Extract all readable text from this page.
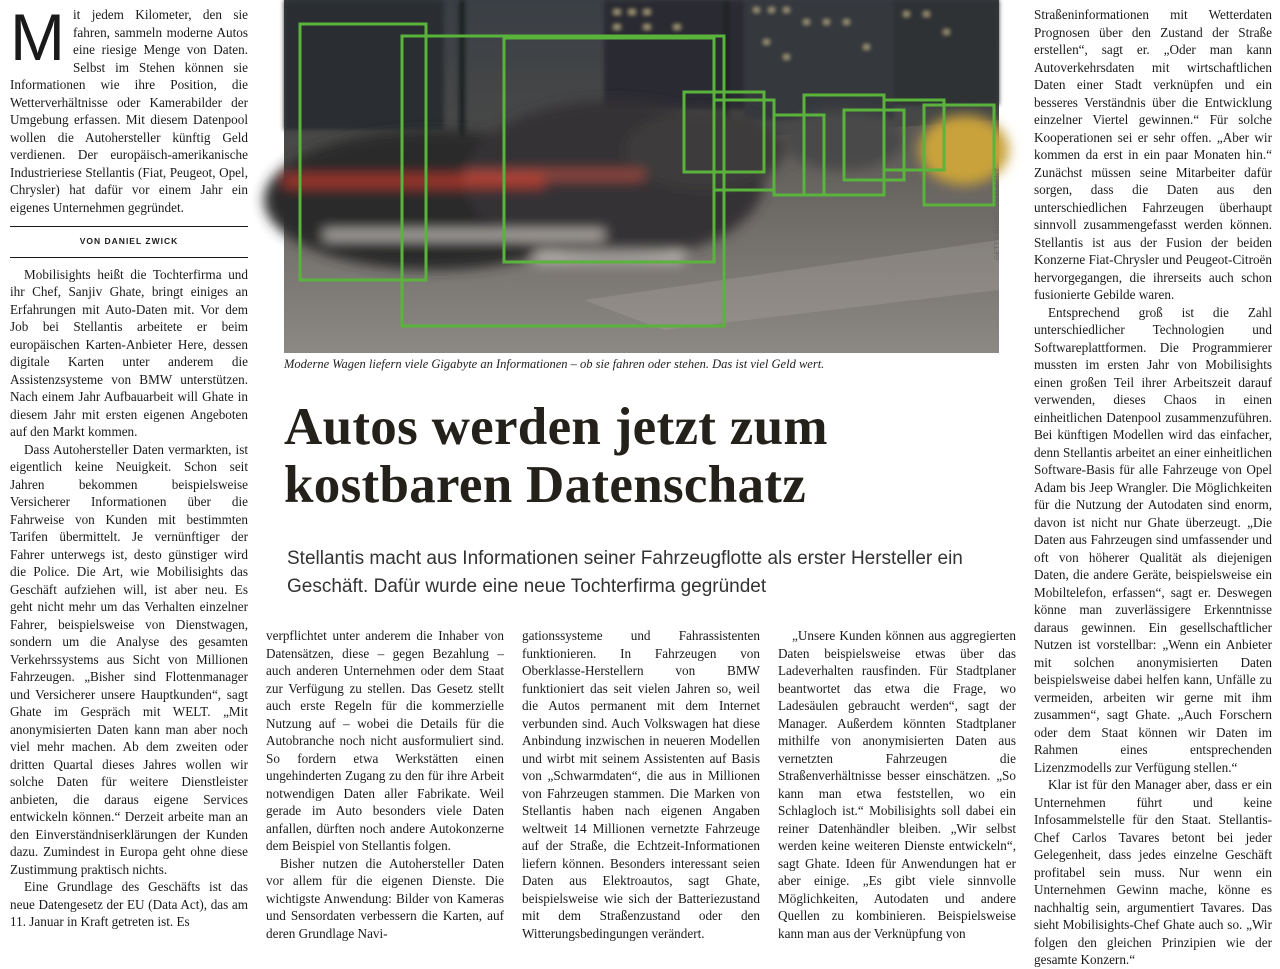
M it jedem Kilometer, den sie fahren, sammeln moderne Autos eine riesige Menge von Daten. Selbst im Stehen können sie Informationen wie ihre Position, die Wetterverhältnisse oder Kamerabilder der Umgebung erfassen. Mit diesem Datenpool wollen die Autohersteller künftig Geld verdienen. Der europäisch-amerikanische Industrieriese Stellantis (Fiat, Peugeot, Opel, Chrysler) hat dafür vor einem Jahr ein eigenes Unternehmen gegründet.

VON DANIEL ZWICK

Mobilisights heißt die Tochterfirma und ihr Chef, Sanjiv Ghate, bringt einiges an Erfahrungen mit Auto-Daten mit. Vor dem Job bei Stellantis arbeitete er beim europäischen Karten-Anbieter Here, dessen digitale Karten unter anderem die Assistenzsysteme von BMW unterstützen. Nach einem Jahr Aufbauarbeit will Ghate in diesem Jahr mit ersten eigenen Angeboten auf den Markt kommen.

Dass Autohersteller Daten vermarkten, ist eigentlich keine Neuigkeit. Schon seit Jahren bekommen beispielsweise Versicherer Informationen über die Fahrweise von Kunden mit bestimmten Tarifen übermittelt. Je vernünftiger der Fahrer unterwegs ist, desto günstiger wird die Police. Die Art, wie Mobilisights das Geschäft aufziehen will, ist aber neu. Es geht nicht mehr um das Verhalten einzelner Fahrer, beispielsweise von Dienstwagen, sondern um die Analyse des gesamten Verkehrssystems aus Sicht von Millionen Fahrzeugen. „Bisher sind Flottenmanager und Versicherer unsere Hauptkunden“, sagt Ghate im Gespräch mit WELT. „Mit anonymisierten Daten kann man aber noch viel mehr machen. Ab dem zweiten oder dritten Quartal dieses Jahres wollen wir solche Daten für weitere Dienstleister anbieten, die daraus eigene Services entwickeln können.“ Derzeit arbeite man an den Einverständniserklärungen der Kunden dazu. Zumindest in Europa geht ohne diese Zustimmung praktisch nichts.

Eine Grundlage des Geschäfts ist das neue Datengesetz der EU (Data Act), das am 11. Januar in Kraft getreten ist. Es

GETTY IMAGES/MALORNY
Moderne Wagen liefern viele Gigabyte an Informationen – ob sie fahren oder stehen. Das ist viel Geld wert.
Autos werden jetzt zum kostbaren Datenschatz
Stellantis macht aus Informationen seiner Fahrzeugflotte als erster Hersteller ein Geschäft. Dafür wurde eine neue Tochterfirma gegründet

verpflichtet unter anderem die Inhaber von Datensätzen, diese – gegen Bezahlung – auch anderen Unternehmen oder dem Staat zur Verfügung zu stellen. Das Gesetz stellt auch erste Regeln für die kommerzielle Nutzung auf – wobei die Details für die Autobranche noch nicht ausformuliert sind. So fordern etwa Werkstätten einen ungehinderten Zugang zu den für ihre Arbeit notwendigen Daten aller Fabrikate. Weil gerade im Auto besonders viele Daten anfallen, dürften noch andere Autokonzerne dem Beispiel von Stellantis folgen.

Bisher nutzen die Autohersteller Daten vor allem für die eigenen Dienste. Die wichtigste Anwendung: Bilder von Kameras und Sensordaten verbessern die Karten, auf deren Grundlage Navi-

gationssysteme und Fahrassistenten funktionieren. In Fahrzeugen von Oberklasse-Herstellern von BMW funktioniert das seit vielen Jahren so, weil die Autos permanent mit dem Internet verbunden sind. Auch Volkswagen hat diese Anbindung inzwischen in neueren Modellen und wirbt mit seinem Assistenten auf Basis von „Schwarmdaten“, die aus in Millionen von Fahrzeugen stammen. Die Marken von Stellantis haben nach eigenen Angaben weltweit 14 Millionen vernetzte Fahrzeuge auf der Straße, die Echtzeit-Informationen liefern können. Besonders interessant seien Daten aus Elektroautos, sagt Ghate, beispielsweise wie sich der Batteriezustand mit dem Straßenzustand oder den Witterungsbedingungen verändert.

„Unsere Kunden können aus aggregierten Daten beispielsweise etwas über das Ladeverhalten rausfinden. Für Stadtplaner beantwortet das etwa die Frage, wo Ladesäulen gebraucht werden“, sagt der Manager. Außerdem könnten Stadtplaner mithilfe von anonymisierten Daten aus vernetzten Fahrzeugen die Straßenverhältnisse besser einschätzen. „So kann man etwa feststellen, wo ein Schlagloch ist.“ Mobilisights soll dabei ein reiner Datenhändler bleiben. „Wir selbst werden keine weiteren Dienste entwickeln“, sagt Ghate. Ideen für Anwendungen hat er aber einige. „Es gibt viele sinnvolle Möglichkeiten, Autodaten und andere Quellen zu kombinieren. Beispielsweise kann man aus der Verknüpfung von

Straßeninformationen mit Wetterdaten Prognosen über den Zustand der Straße erstellen“, sagt er. „Oder man kann Autoverkehrsdaten mit wirtschaftlichen Daten einer Stadt verknüpfen und ein besseres Verständnis über die Entwicklung einzelner Viertel gewinnen.“ Für solche Kooperationen sei er sehr offen. „Aber wir kommen da erst in ein paar Monaten hin.“ Zunächst müssen seine Mitarbeiter dafür sorgen, dass die Daten aus den unterschiedlichen Fahrzeugen überhaupt sinnvoll zusammengefasst werden können. Stellantis ist aus der Fusion der beiden Konzerne Fiat-Chrysler und Peugeot-Citroën hervorgegangen, die ihrerseits auch schon fusionierte Gebilde waren.

Entsprechend groß ist die Zahl unterschiedlicher Technologien und Softwareplattformen. Die Programmierer mussten im ersten Jahr von Mobilisights einen großen Teil ihrer Arbeitszeit darauf verwenden, dieses Chaos in einen einheitlichen Datenpool zusammenzuführen. Bei künftigen Modellen wird das einfacher, denn Stellantis arbeitet an einer einheitlichen Software-Basis für alle Fahrzeuge von Opel Adam bis Jeep Wrangler. Die Möglichkeiten für die Nutzung der Autodaten sind enorm, davon ist nicht nur Ghate überzeugt. „Die Daten aus Fahrzeugen sind umfassender und oft von höherer Qualität als diejenigen Daten, die andere Geräte, beispielsweise ein Mobiltelefon, erfassen“, sagt er. Deswegen könne man zuverlässigere Erkenntnisse daraus gewinnen. Ein gesellschaftlicher Nutzen ist vorstellbar: „Wenn ein Anbieter mit solchen anonymisierten Daten beispielsweise dabei helfen kann, Unfälle zu vermeiden, arbeiten wir gerne mit ihm zusammen“, sagt Ghate. „Auch Forschern oder dem Staat können wir Daten im Rahmen eines entsprechenden Lizenzmodells zur Verfügung stellen.“

Klar ist für den Manager aber, dass er ein Unternehmen führt und keine Infosammelstelle für den Staat. Stellantis-Chef Carlos Tavares betont bei jeder Gelegenheit, dass jedes einzelne Geschäft profitabel sein muss. Nur wenn ein Unternehmen Gewinn mache, könne es nachhaltig sein, argumentiert Tavares. Das sieht Mobilisights-Chef Ghate auch so. „Wir folgen den gleichen Prinzipien wie der gesamte Konzern.“
